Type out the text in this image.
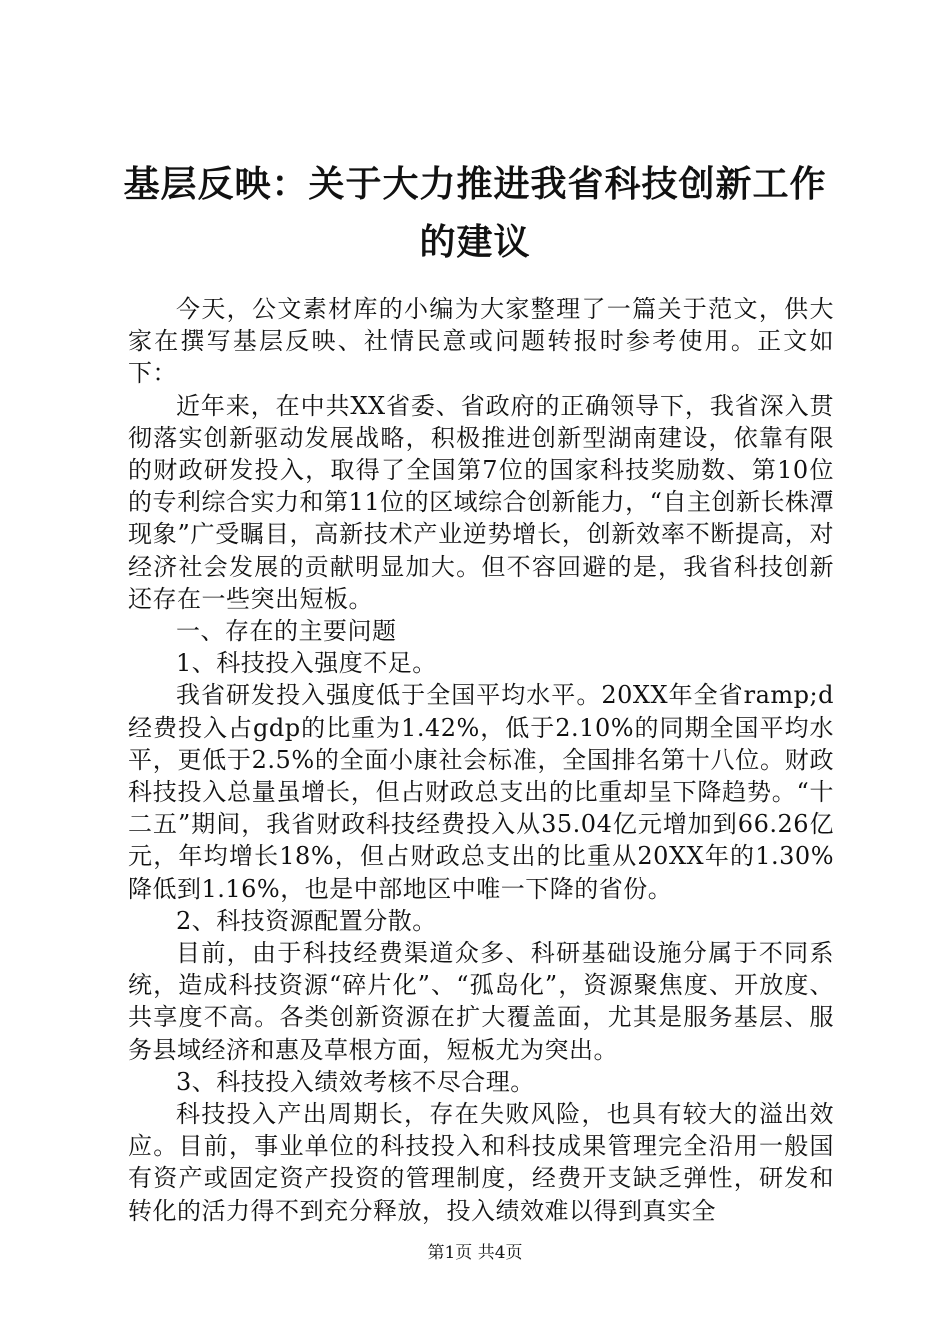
基层反映：关于大力推进我省科技创新工作的建议

今天，公文素材库的小编为大家整理了一篇关于范文，供大家在撰写基层反映、社情民意或问题转报时参考使用。正文如下：

近年来，在中共XX省委、省政府的正确领导下，我省深入贯彻落实创新驱动发展战略，积极推进创新型湖南建设，依靠有限的财政研发投入，取得了全国第7位的国家科技奖励数、第10位的专利综合实力和第11位的区域综合创新能力，“自主创新长株潭现象”广受瞩目，高新技术产业逆势增长，创新效率不断提高，对经济社会发展的贡献明显加大。但不容回避的是，我省科技创新还存在一些突出短板。

一、存在的主要问题

1、科技投入强度不足。

我省研发投入强度低于全国平均水平。20XX年全省ramp;d经费投入占gdp的比重为1.42%，低于2.10%的同期全国平均水平，更低于2.5%的全面小康社会标准，全国排名第十八位。财政科技投入总量虽增长，但占财政总支出的比重却呈下降趋势。“十二五”期间，我省财政科技经费投入从35.04亿元增加到66.26亿元，年均增长18%，但占财政总支出的比重从20XX年的1.30%降低到1.16%，也是中部地区中唯一下降的省份。

2、科技资源配置分散。

目前，由于科技经费渠道众多、科研基础设施分属于不同系统，造成科技资源“碎片化”、“孤岛化”，资源聚焦度、开放度、共享度不高。各类创新资源在扩大覆盖面，尤其是服务基层、服务县域经济和惠及草根方面，短板尤为突出。

3、科技投入绩效考核不尽合理。

科技投入产出周期长，存在失败风险，也具有较大的溢出效应。目前，事业单位的科技投入和科技成果管理完全沿用一般国有资产或固定资产投资的管理制度，经费开支缺乏弹性，研发和转化的活力得不到充分释放，投入绩效难以得到真实全

第1页 共4页
